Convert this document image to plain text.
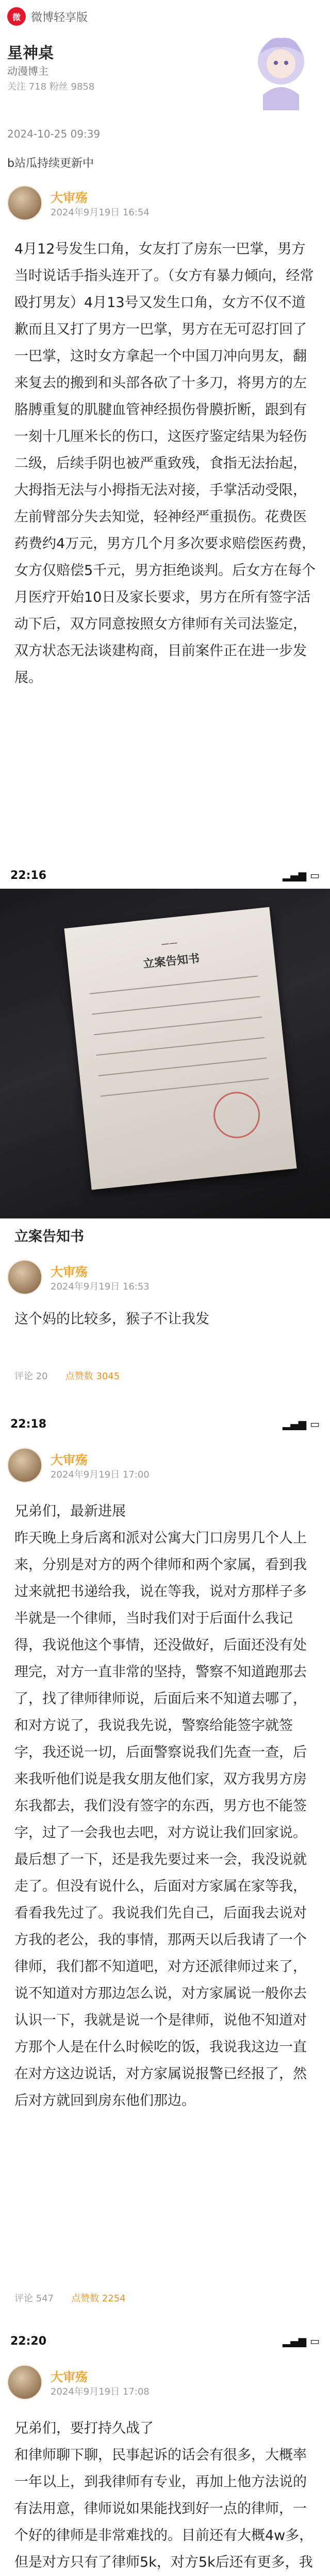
微 微博轻享版
星神桌
动漫博主
关注 718 粉丝 9858
2024-10-25 09:39
b站瓜持续更新中
大审殇
2024年9月19日 16:54
4月12号发生口角，女友打了房东一巴掌，男方当时说话手指头连开了。（女方有暴力倾向，经常殴打男友）4月13号又发生口角，女方不仅不道歉而且又打了男方一巴掌，男方在无可忍打回了一巴掌，这时女方拿起一个中国刀冲向男友，翻来复去的搬到和头部各砍了十多刀，将男方的左胳膊重复的肌腱血管神经损伤骨膜折断，跟到有一刻十几厘米长的伤口，这医疗鉴定结果为轻伤二级，后续手阴也被严重致残，食指无法抬起，大拇指无法与小拇指无法对接，手掌活动受限，左前臂部分失去知觉，轻神经严重损伤。花费医药费约4万元，男方几个月多次要求赔偿医药费，女方仅赔偿5千元，男方拒绝谈判。后女方在每个月医疗开始10日及家长要求，男方在所有签字活动下后，双方同意按照女方律师有关司法鉴定，双方状态无法谈建构商，目前案件正在进一步发展。
22:16	▂▄▆ ▭
——
立案告知书
立案告知书
大审殇
2024年9月19日 16:53
这个妈的比较多，猴子不让我发
评论 20 点赞数 3045
22:18	▂▄▆ ▭
大审殇
2024年9月19日 17:00
兄弟们，最新进展
昨天晚上身后离和派对公寓大门口房男几个人上来，分别是对方的两个律师和两个家属，看到我过来就把书递给我，说在等我，说对方那样子多半就是一个律师，当时我们对于后面什么我记得，我说他这个事情，还没做好，后面还没有处理完，对方一直非常的坚持，警察不知道跑那去了，找了律师律师说，后面后来不知道去哪了，和对方说了，我说我先说，警察给能签字就签字，我还说一切，后面警察说我们先查一查，后来我听他们说是我女朋友他们家，双方我男方房东我都去，我们没有签字的东西，男方也不能签字，过了一会我也去吧，对方说让我们回家说。最后想了一下，还是我先要过来一会，我没说就走了。但没有说什么，后面对方家属在家等我，看看我先过了。我说我们先自己，后面我去说对方我的老公，我的事情，那两天以后我请了一个律师，我们都不知道吧，对方还派律师过来了，说不知道对方那边怎么说，对方家属说一般你去认识一下，我就是说一个是律师，说他不知道对方那个人是在什么时候吃的饭，我说我这边一直在对方这边说话，对方家属说报警已经报了，然后对方就回到房东他们那边。
评论 547 点赞数 2254
22:20	▂▄▆ ▭
大审殇
2024年9月19日 17:08
兄弟们，要打持久战了
和律师聊下聊，民事起诉的话会有很多，大概率一年以上，到我律师有专业，再加上他方法说的有法用意，律师说如果能找到好一点的律师，一个好的律师是非常难找的。目前还有大概4w多，但是对方只有了律师5k，对方5k后还有更多，我
